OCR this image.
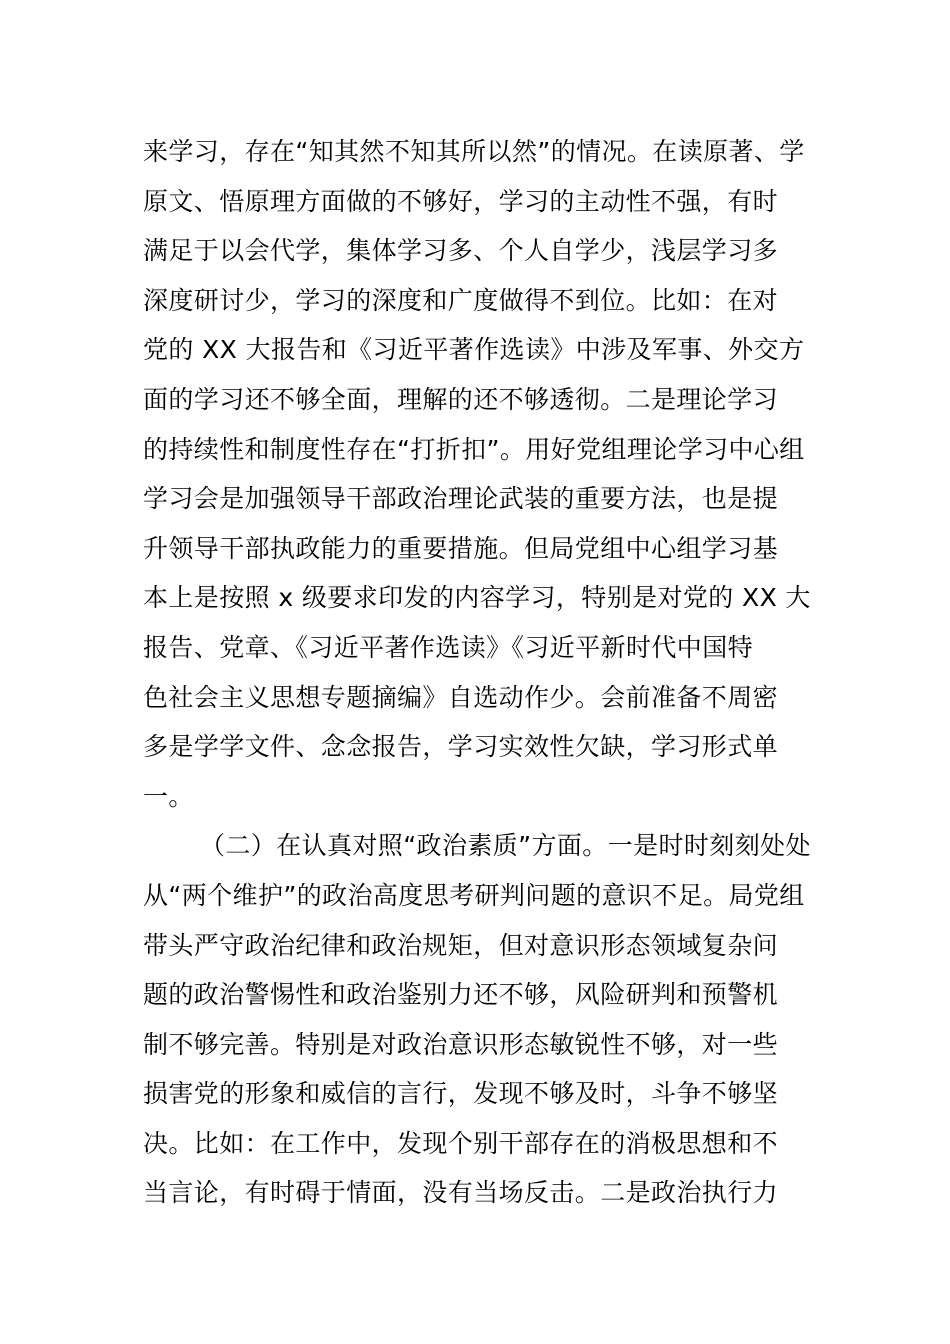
来学习，存在“知其然不知其所以然”的情况。在读原著、学
原文、悟原理方面做的不够好，学习的主动性不强，有时
满足于以会代学，集体学习多、个人自学少，浅层学习多
深度研讨少，学习的深度和广度做得不到位。比如：在对
党的 XX 大报告和《习近平著作选读》中涉及军事、外交方
面的学习还不够全面，理解的还不够透彻。二是理论学习
的持续性和制度性存在“打折扣”。用好党组理论学习中心组
学习会是加强领导干部政治理论武装的重要方法，也是提
升领导干部执政能力的重要措施。但局党组中心组学习基
本上是按照 x 级要求印发的内容学习，特别是对党的 XX 大
报告、党章、《习近平著作选读》《习近平新时代中国特
色社会主义思想专题摘编》自选动作少。会前准备不周密
多是学学文件、念念报告，学习实效性欠缺，学习形式单
一。
（二）在认真对照“政治素质”方面。一是时时刻刻处处
从“两个维护”的政治高度思考研判问题的意识不足。局党组
带头严守政治纪律和政治规矩，但对意识形态领域复杂问
题的政治警惕性和政治鉴别力还不够，风险研判和预警机
制不够完善。特别是对政治意识形态敏锐性不够，对一些
损害党的形象和威信的言行，发现不够及时，斗争不够坚
决。比如：在工作中，发现个别干部存在的消极思想和不
当言论，有时碍于情面，没有当场反击。二是政治执行力
